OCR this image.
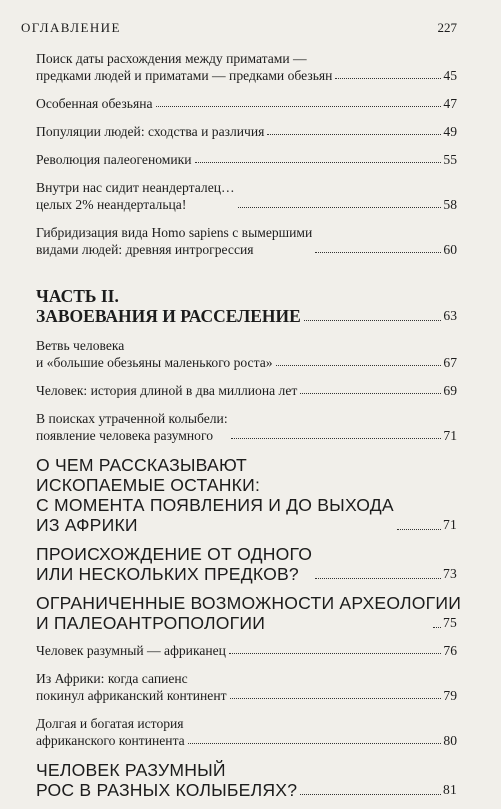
ОГЛАВЛЕНИЕ	227
Поиск даты расхождения между приматами —
предками людей и приматами — предками обезьян	45
Особенная обезьяна	47
Популяции людей: сходства и различия	49
Революция палеогеномики	55
Внутри нас сидит неандерталец…
целых 2% неандертальца!	58
Гибридизация вида Homo sapiens с вымершими
видами людей: древняя интрогрессия	60
ЧАСТЬ II.
ЗАВОЕВАНИЯ И РАССЕЛЕНИЕ	63
Ветвь человека
и «большие обезьяны маленького роста»	67
Человек: история длиной в два миллиона лет	69
В поисках утраченной колыбели:
появление человека разумного	71
О ЧЕМ РАССКАЗЫВАЮТ
ИСКОПАЕМЫЕ ОСТАНКИ:
С МОМЕНТА ПОЯВЛЕНИЯ И ДО ВЫХОДА
ИЗ АФРИКИ	71
ПРОИСХОЖДЕНИЕ ОТ ОДНОГО
ИЛИ НЕСКОЛЬКИХ ПРЕДКОВ?	73
ОГРАНИЧЕННЫЕ ВОЗМОЖНОСТИ АРХЕОЛОГИИ
И ПАЛЕОАНТРОПОЛОГИИ	75
Человек разумный — африканец	76
Из Африки: когда сапиенс
покинул африканский континент	79
Долгая и богатая история
африканского континента	80
ЧЕЛОВЕК РАЗУМНЫЙ
РОС В РАЗНЫХ КОЛЫБЕЛЯХ?	81
